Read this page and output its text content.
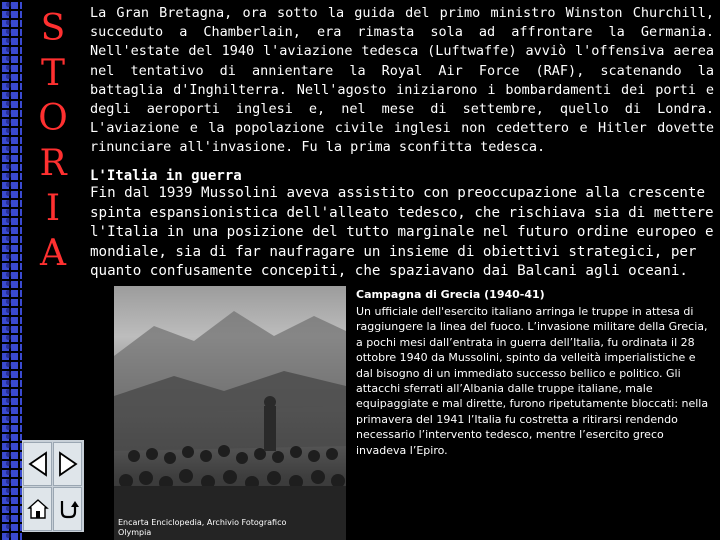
S
T
O
R
I
A

La Gran Bretagna, ora sotto la guida del primo ministro Winston Churchill, succeduto a Chamberlain, era rimasta sola ad affrontare la Germania. Nell'estate del 1940 l'aviazione tedesca (Luftwaffe) avviò l'offensiva aerea nel tentativo di annientare la Royal Air Force (RAF), scatenando la battaglia d'Inghilterra. Nell'agosto iniziarono i bombardamenti dei porti e degli aeroporti inglesi e, nel mese di settembre, quello di Londra. L'aviazione e la popolazione civile inglesi non cedettero e Hitler dovette rinunciare all'invasione. Fu la prima sconfitta tedesca.

L'Italia in guerra

Fin dal 1939 Mussolini aveva assistito con preoccupazione alla crescente spinta espansionistica dell'alleato tedesco, che rischiava sia di mettere l'Italia in una posizione del tutto marginale nel futuro ordine europeo e mondiale, sia di far naufragare un insieme di obiettivi strategici, per quanto confusamente concepiti, che spaziavano dai Balcani agli oceani.

Encarta Enciclopedia, Archivio Fotografico
Olympia
Campagna di Grecia (1940-41)

Un ufficiale dell'esercito italiano arringa le truppe in attesa di raggiungere la linea del fuoco. L’invasione militare della Grecia, a pochi mesi dall’entrata in guerra dell’Italia, fu ordinata il 28 ottobre 1940 da Mussolini, spinto da velleità imperialistiche e dal bisogno di un immediato successo bellico e politico. Gli attacchi sferrati all’Albania dalle truppe italiane, male equipaggiate e mal dirette, furono ripetutamente bloccati: nella primavera del 1941 l’Italia fu costretta a ritirarsi rendendo necessario l’intervento tedesco, mentre l’esercito greco invadeva l’Epiro.
